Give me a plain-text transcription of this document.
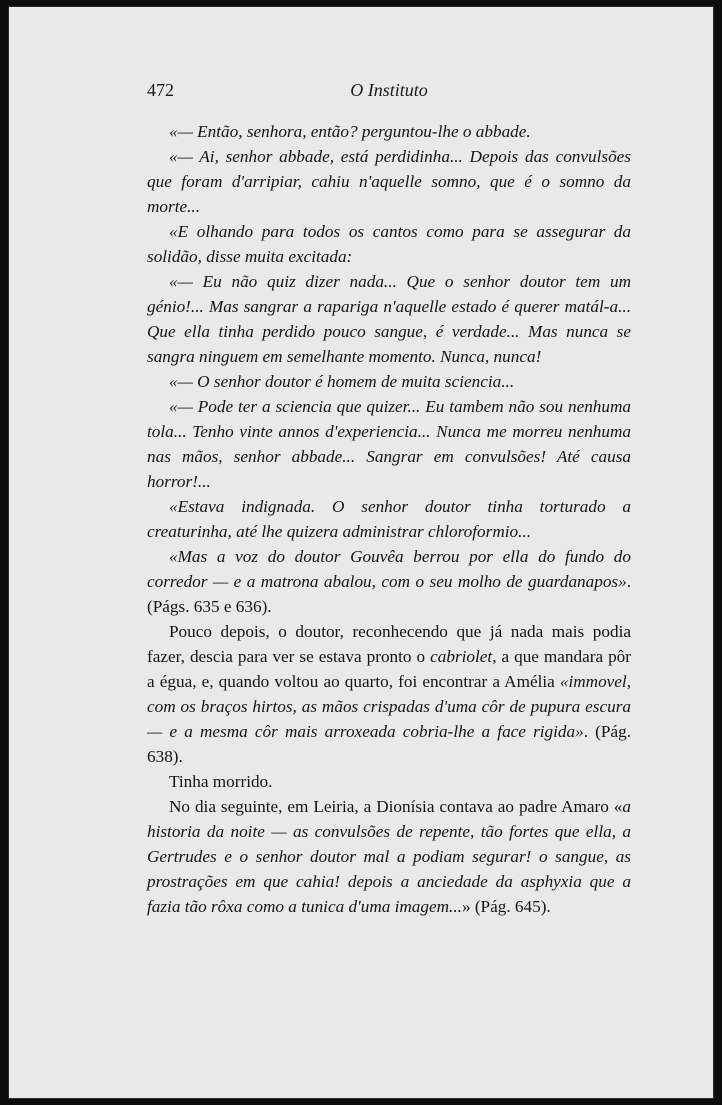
472	O Instituto

«— Então, senhora, então? perguntou-lhe o abbade.

«— Ai, senhor abbade, está perdidinha... Depois das convulsões que foram d'arripiar, cahiu n'aquelle somno, que é o somno da morte...

«E olhando para todos os cantos como para se assegurar da solidão, disse muita excitada:

«— Eu não quiz dizer nada... Que o senhor doutor tem um génio!... Mas sangrar a rapariga n'aquelle estado é querer matál-a... Que ella tinha perdido pouco sangue, é verdade... Mas nunca se sangra ninguem em semelhante momento. Nunca, nunca!

«— O senhor doutor é homem de muita sciencia...

«— Pode ter a sciencia que quizer... Eu tambem não sou nenhuma tola... Tenho vinte annos d'experiencia... Nunca me morreu nenhuma nas mãos, senhor abbade... Sangrar em convulsões! Até causa horror!...

«Estava indignada. O senhor doutor tinha torturado a creaturinha, até lhe quizera administrar chloroformio...

«Mas a voz do doutor Gouvêa berrou por ella do fundo do corredor — e a matrona abalou, com o seu molho de guardanapos». (Págs. 635 e 636).

Pouco depois, o doutor, reconhecendo que já nada mais podia fazer, descia para ver se estava pronto o cabriolet, a que mandara pôr a égua, e, quando voltou ao quarto, foi encontrar a Amélia «immovel, com os braços hirtos, as mãos crispadas d'uma côr de pupura escura — e a mesma côr mais arroxeada cobria-lhe a face rigida». (Pág. 638).

Tinha morrido.

No dia seguinte, em Leiria, a Dionísia contava ao padre Amaro «a historia da noite — as convulsões de repente, tão fortes que ella, a Gertrudes e o senhor doutor mal a podiam segurar! o sangue, as prostrações em que cahia! depois a anciedade da asphyxia que a fazia tão rôxa como a tunica d'uma imagem...» (Pág. 645).
